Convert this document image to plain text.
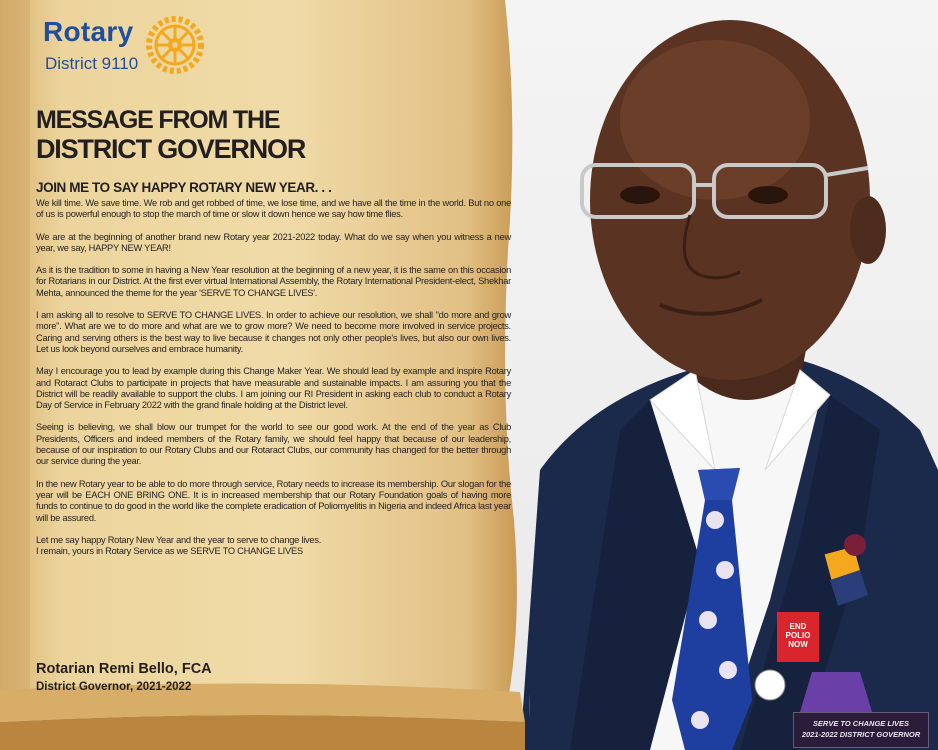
SERVE TO CHANGE LIVES
2021-2022 DISTRICT GOVERNOR
END POLIO NOW
Rotary
District 9110
MESSAGE FROM THE
DISTRICT GOVERNOR
JOIN ME TO SAY HAPPY ROTARY NEW YEAR. . .

We kill time. We save time. We rob and get robbed of time, we lose time, and we have all the time in the world. But no one of us is powerful enough to stop the march of time or slow it down hence we say how time flies.

We are at the beginning of another brand new Rotary year 2021-2022 today. What do we say when you witness a new year, we say, HAPPY NEW YEAR!

As it is the tradition to some in having a New Year resolution at the beginning of a new year, it is the same on this occasion for Rotarians in our District. At the first ever virtual International Assembly, the Rotary International President-elect, Shekhar Mehta, announced the theme for the year 'SERVE TO CHANGE LIVES'.

I am asking all to resolve to SERVE TO CHANGE LIVES. In order to achieve our resolution, we shall "do more and grow more". What are we to do more and what are we to grow more? We need to become more involved in service projects. Caring and serving others is the best way to live because it changes not only other people's lives, but also our own lives. Let us look beyond ourselves and embrace humanity.

May I encourage you to lead by example during this Change Maker Year. We should lead by example and inspire Rotary and Rotaract Clubs to participate in projects that have measurable and sustainable impacts. I am assuring you that the District will be readily available to support the clubs. I am joining our RI President in asking each club to conduct a Rotary Day of Service in February 2022 with the grand finale holding at the District level.

Seeing is believing, we shall blow our trumpet for the world to see our good work. At the end of the year as Club Presidents, Officers and indeed members of the Rotary family, we should feel happy that because of our leadership, because of our inspiration to our Rotary Clubs and our Rotaract Clubs, our community has changed for the better through our service during the year.

In the new Rotary year to be able to do more through service, Rotary needs to increase its membership. Our slogan for the year will be EACH ONE BRING ONE. It is in increased membership that our Rotary Foundation goals of having more funds to continue to do good in the world like the complete eradication of Poliomyelitis in Nigeria and indeed Africa last year will be assured.

Let me say happy Rotary New Year and the year to serve to change lives.

I remain, yours in Rotary Service as we SERVE TO CHANGE LIVES

Rotarian Remi Bello, FCA
District Governor, 2021-2022
